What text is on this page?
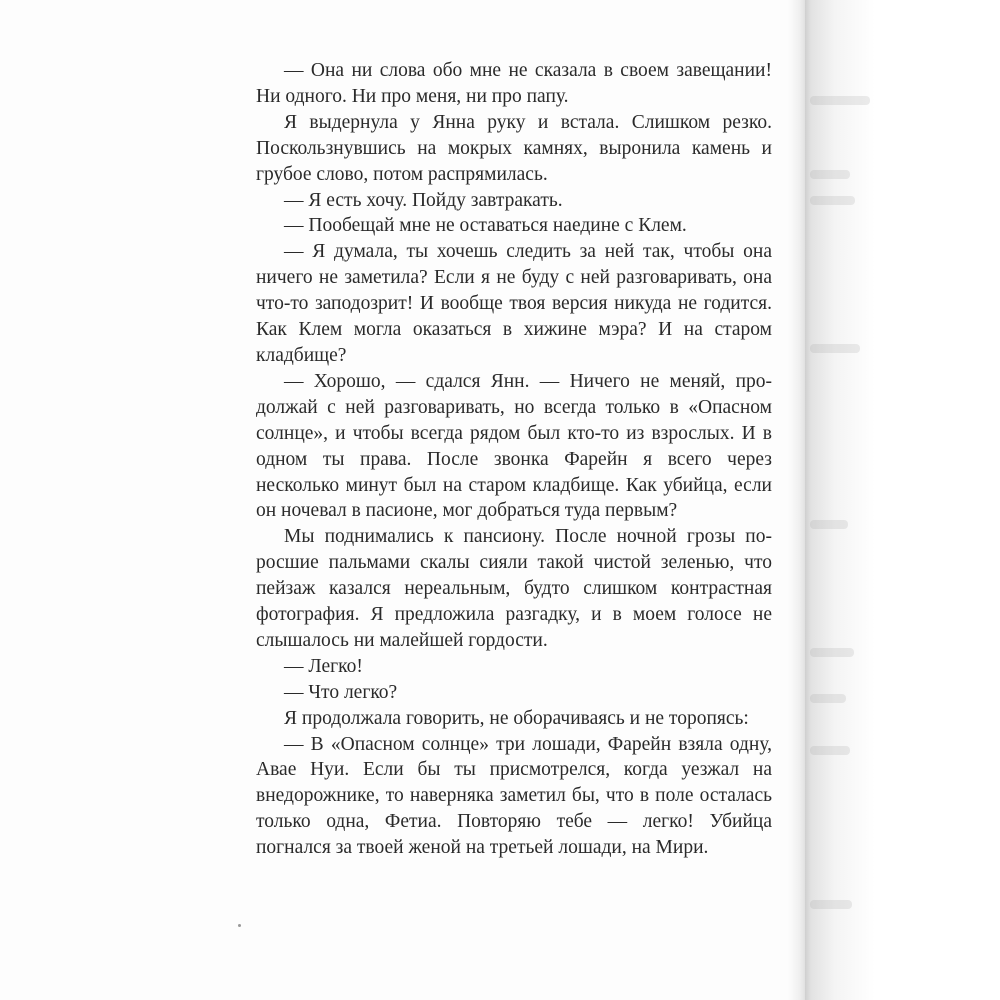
— Она ни слова обо мне не сказала в своем завещании! Ни одного. Ни про меня, ни про папу.

Я выдернула у Янна руку и встала. Слишком резко. Поскользнувшись на мокрых камнях, выронила камень и грубое слово, потом распрямилась.

— Я есть хочу. Пойду завтракать.

— Пообещай мне не оставаться наедине с Клем.

— Я думала, ты хочешь следить за ней так, чтобы она ничего не заметила? Если я не буду с ней разговаривать, она что-то заподозрит! И вообще твоя версия никуда не годится. Как Клем могла оказаться в хижине мэра? И на старом кладбище?

— Хорошо, — сдался Янн. — Ничего не меняй, продолжай с ней разговаривать, но всегда только в «Опасном солнце», и чтобы всегда рядом был кто-то из взрослых. И в одном ты права. После звонка Фарейн я всего через несколько минут был на старом кладбище. Как убийца, если он ночевал в пасионе, мог добраться туда первым?

Мы поднимались к пансиону. После ночной грозы поросшие пальмами скалы сияли такой чистой зеленью, что пейзаж казался нереальным, будто слишком контрастная фотография. Я предложила разгадку, и в моем голосе не слышалось ни малейшей гордости.

— Легко!

— Что легко?

Я продолжала говорить, не оборачиваясь и не торопясь:

— В «Опасном солнце» три лошади, Фарейн взяла одну, Авае Нуи. Если бы ты присмотрелся, когда уезжал на внедорожнике, то наверняка заметил бы, что в поле осталась только одна, Фетиа. Повторяю тебе — легко! Убийца погнался за твоей женой на третьей лошади, на Мири.
